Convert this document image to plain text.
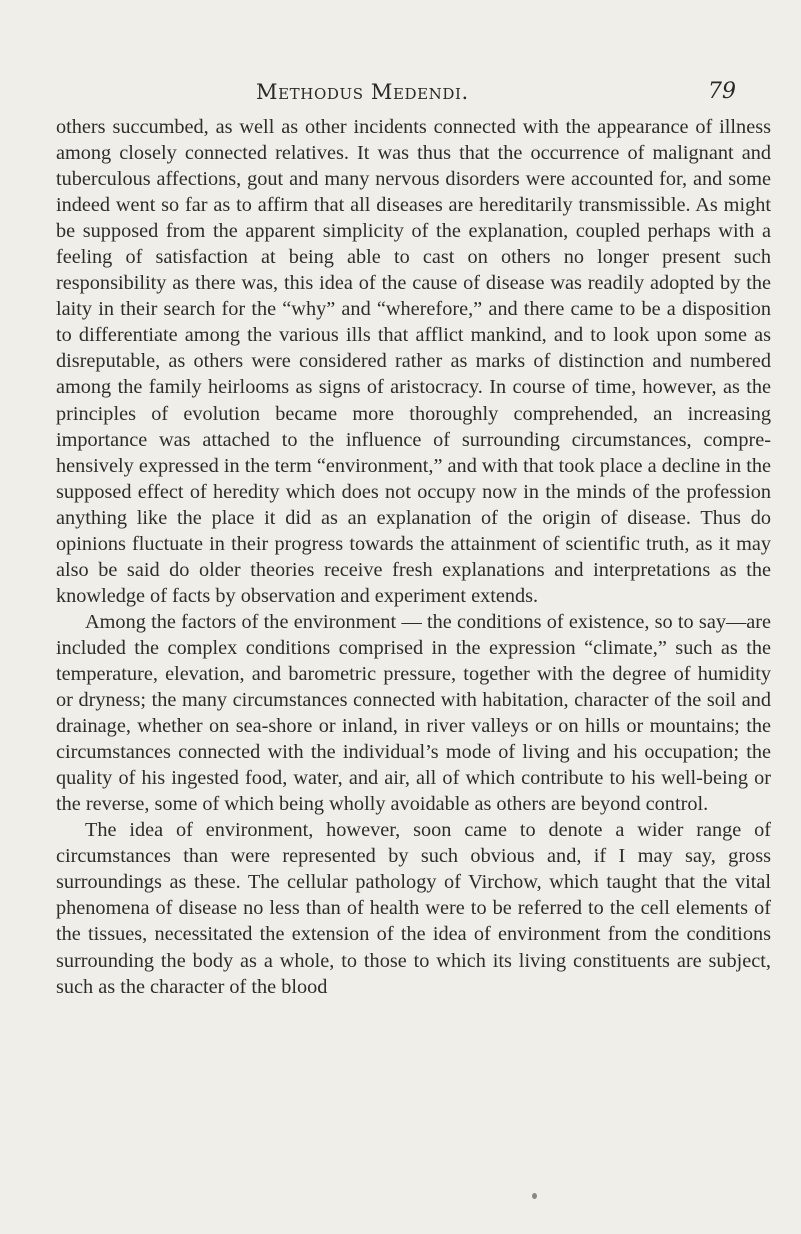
Methodus Medendi.	79

others succumbed, as well as other incidents connected with the appearance of illness among closely connected relatives. It was thus that the occurrence of malignant and tuberculous affections, gout and many nervous disorders were accounted for, and some indeed went so far as to affirm that all diseases are hereditarily transmissible. As might be supposed from the apparent simplicity of the explanation, coupled perhaps with a feeling of satisfaction at being able to cast on others no longer present such responsibility as there was, this idea of the cause of disease was readily adopted by the laity in their search for the “why” and “wherefore,” and there came to be a disposition to differentiate among the various ills that afflict mankind, and to look upon some as disreputable, as others were considered rather as marks of distinction and numbered among the family heirlooms as signs of aristocracy. In course of time, however, as the principles of evolution became more thoroughly comprehended, an increasing importance was attached to the influence of surrounding circumstances, comprehensively expressed in the term “environment,” and with that took place a decline in the supposed effect of heredity which does not occupy now in the minds of the profession anything like the place it did as an explanation of the origin of disease. Thus do opinions fluctuate in their progress towards the attainment of scientific truth, as it may also be said do older theories receive fresh explanations and interpretations as the knowledge of facts by observation and experiment extends.

Among the factors of the environment — the conditions of existence, so to say—are included the complex conditions comprised in the expression “climate,” such as the temperature, elevation, and barometric pressure, together with the degree of humidity or dryness; the many circumstances connected with habitation, character of the soil and drainage, whether on sea-shore or inland, in river valleys or on hills or mountains; the circumstances connected with the individual’s mode of living and his occupation; the quality of his ingested food, water, and air, all of which contribute to his well-being or the reverse, some of which being wholly avoidable as others are beyond control.

The idea of environment, however, soon came to denote a wider range of circumstances than were represented by such obvious and, if I may say, gross surroundings as these. The cellular pathology of Virchow, which taught that the vital phenomena of disease no less than of health were to be referred to the cell elements of the tissues, necessitated the extension of the idea of environment from the conditions surrounding the body as a whole, to those to which its living constituents are subject, such as the character of the blood
